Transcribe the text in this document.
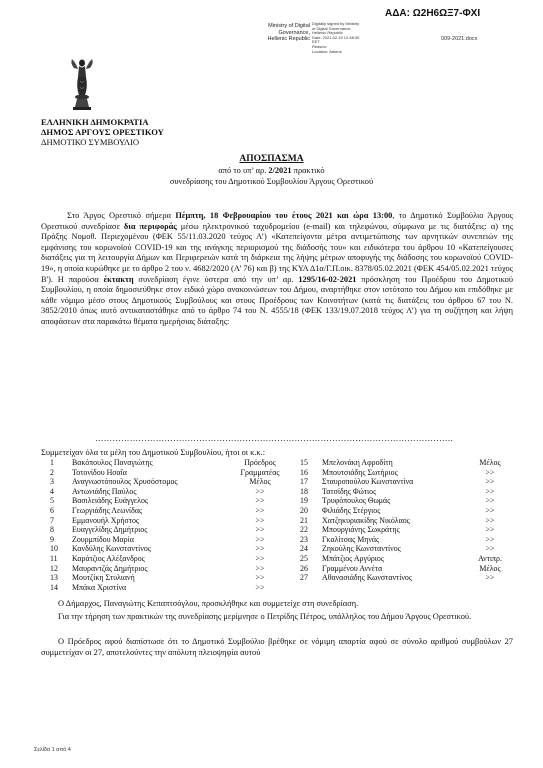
ΑΔΑ: Ω2Η6ΩΞ7-ΦΧΙ
009-2021.docx
Ministry of Digital
Governance,
Hellenic Republic
Digitally signed by Ministry
of Digital Governance,
Hellenic Republic
Date: 2021.02.19 12:48:30
EET
Reason:
Location: Athens
ΕΛΛΗΝΙΚΗ ΔΗΜΟΚΡΑΤΙΑ
ΔΗΜΟΣ ΑΡΓΟΥΣ ΟΡΕΣΤΙΚΟΥ
ΔΗΜΟΤΙΚΟ ΣΥΜΒΟΥΛΙΟ
ΑΠΟΣΠΑΣΜΑ
από το υπ’ αρ. 2/2021 πρακτικό
συνεδρίασης του Δημοτικού Συμβουλίου Άργους Ορεστικού
Στο Άργος Ορεστικό σήμερα Πέμπτη, 18 Φεβρουαρίου του έτους 2021 και ώρα 13:00, το Δημοτικό Συμβούλιο Άργους Ορεστικού συνεδρίασε δια περιφοράς μέσω ηλεκτρονικού ταχυδρομείου (e-mail) και τηλεφώνου, σύμφωνα με τις διατάξεις: α) της Πράξης Νομοθ. Περιεχομένου (ΦΕΚ 55/11.03.2020 τεύχος Α’) «Κατεπείγοντα μέτρα αντιμετώπισης των αρνητικών συνεπειών της εμφάνισης του κορωνοϊού COVID-19 και της ανάγκης περιορισμού της διάδοσής του» και ειδικότερα του άρθρου 10 «Κατεπείγουσες διατάξεις για τη λειτουργία Δήμων και Περιφερειών κατά τη διάρκεια της λήψης μέτρων αποφυγής της διάδοσης του κορωνοϊού COVID-19», η οποία κυρώθηκε με το άρθρο 2 του ν. 4682/2020 (Α’ 76) και β) της ΚΥΑ Δ1α/Γ.Π.οικ. 8378/05.02.2021 (ΦΕΚ 454/05.02.2021 τεύχος Β'). Η παρούσα έκτακτη συνεδρίαση έγινε ύστερα από την υπ’ αρ. 1295/16-02-2021 πρόσκληση του Προέδρου του Δημοτικού Συμβουλίου, η οποία δημοσιεύθηκε στον ειδικό χώρο ανακοινώσεων του Δήμου, αναρτήθηκε στον ιστότοπο του Δήμου και επιδόθηκε με κάθε νόμιμο μέσο στους Δημοτικούς Συμβούλους και στους Προέδρους των Κοινοτήτων (κατά τις διατάξεις του άρθρου 67 του Ν. 3852/2010 όπως αυτό αντικαταστάθηκε από το άρθρο 74 του Ν. 4555/18 (ΦΕΚ 133/19.07.2018 τεύχος Α’) για τη συζήτηση και λήψη αποφάσεων στα παρακάτω θέματα ημερήσιας διάταξης:
…………………………………………………………………………………………………………….
Συμμετείχαν όλα τα μέλη του Δημοτικού Συμβουλίου, ήτοι οι κ.κ.:
1	Βακόπουλος Παναγιώτης	Πρόεδρος	15	Μπελονάκη Αφροδίτη	Μέλος
2	Τοτονίδου Ησαΐα	Γραμματέας	16	Μπουτσιάδης Σωτήριος	>>
3	Αναγνωστόπουλος Χρυσόστομος	Μέλος	17	Σταυροπούλου Κωνσταντίνα	>>
4	Αντωνιάδης Παύλος	>>	18	Τατσίδης Φώτιος	>>
5	Βασιλειάδης Ευάγγελος	>>	19	Τρυφόπουλος Θωμάς	>>
6	Γεωργιάδης Λεωνίδας	>>	20	Φιλιάδης Στέργιος	>>
7	Εμμανουήλ Χρήστος	>>	21	Χατζηκυριακίδης Νικόλαος	>>
8	Ευαγγελίδης Δημήτριος	>>	22	Μπουργιάνης Σωκράτης	>>
9	Ζουρμπίδου Μαρία	>>	23	Γκαλίτσας Μηνάς	>>
10	Κανδύλης Κωνσταντίνος	>>	24	Ζηκούλης Κωνσταντίνος	>>
11	Καράτζιος Αλέξανδρος	>>	25	Μπάτζιος Αργύριος	Αντιπρ.
12	Μαυραντζάς Δημήτριος	>>	26	Γραμμένου Αννέτα	Μέλος
13	Μουτζίκη Στυλιανή	>>	27	Αθανασιάδης Κωνσταντίνος	>>
14	Μπάκα Χριστίνα	>>			
Ο Δήμαρχος, Παναγιώτης Κεπαπτσόγλου, προσκλήθηκε και συμμετείχε στη συνεδρίαση.
Για την τήρηση των πρακτικών της συνεδρίασης μερίμνησε ο Πετρίδης Πέτρος, υπάλληλος του Δήμου Άργους Ορεστικού.
Ο Πρόεδρος αφού διαπίστωσε ότι το Δημοτικό Συμβούλιο βρέθηκε σε νόμιμη απαρτία αφού σε σύνολο αριθμού συμβούλων 27 συμμετείχαν οι 27, αποτελούντες την απόλυτη πλειοψηφία αυτού
Σελίδα 1 από 4
